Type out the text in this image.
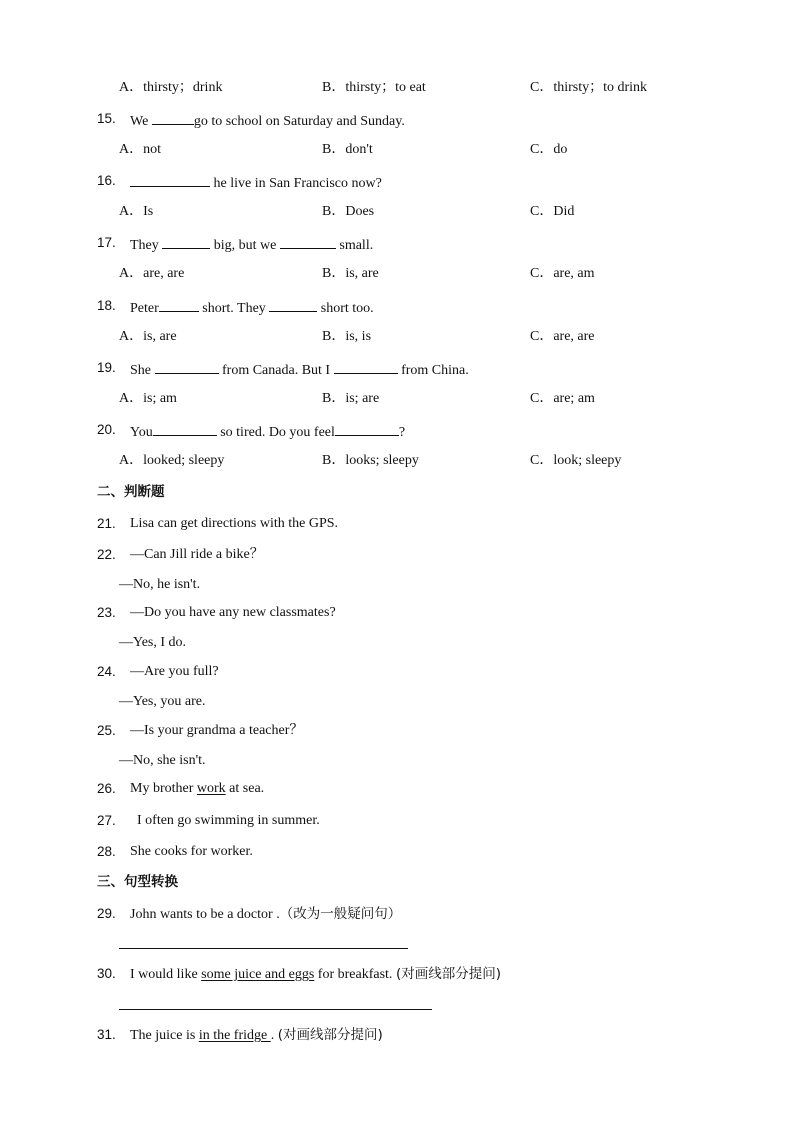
A．thirsty；drink	B．thirsty；to eat	C．thirsty；to drink
15. We	go to school on Saturday and Sunday.
A．not	B．don't	C．do
16.	he live in San Francisco now?
A．Is	B．Does	C．Did
17. They	big, but we	small.
A．are, are	B．is, are	C．are, am
18. Peter	short. They	short too.
A．is, are	B．is, is	C．are, are
19. She	from Canada. But I	from China.
A．is; am	B．is; are	C．are; am
20. You	so tired. Do you feel	?
A．looked; sleepy	B．looks; sleepy	C．look; sleepy
二、判断题
21. Lisa can get directions with the GPS.
22. —Can Jill ride a bike？
—No, he isn't.
23. —Do you have any new classmates?
—Yes, I do.
24. —Are you full?
—Yes, you are.
25. —Is your grandma a teacher？
—No, she isn't.
26. My brother work at sea.
27. I often go swimming in summer.
28. She cooks for worker.
三、句型转换
29. John wants to be a doctor .（改为一般疑问句）
30. I would like some juice and eggs for breakfast. (对画线部分提问)
31. The juice is in the fridge . (对画线部分提问)
